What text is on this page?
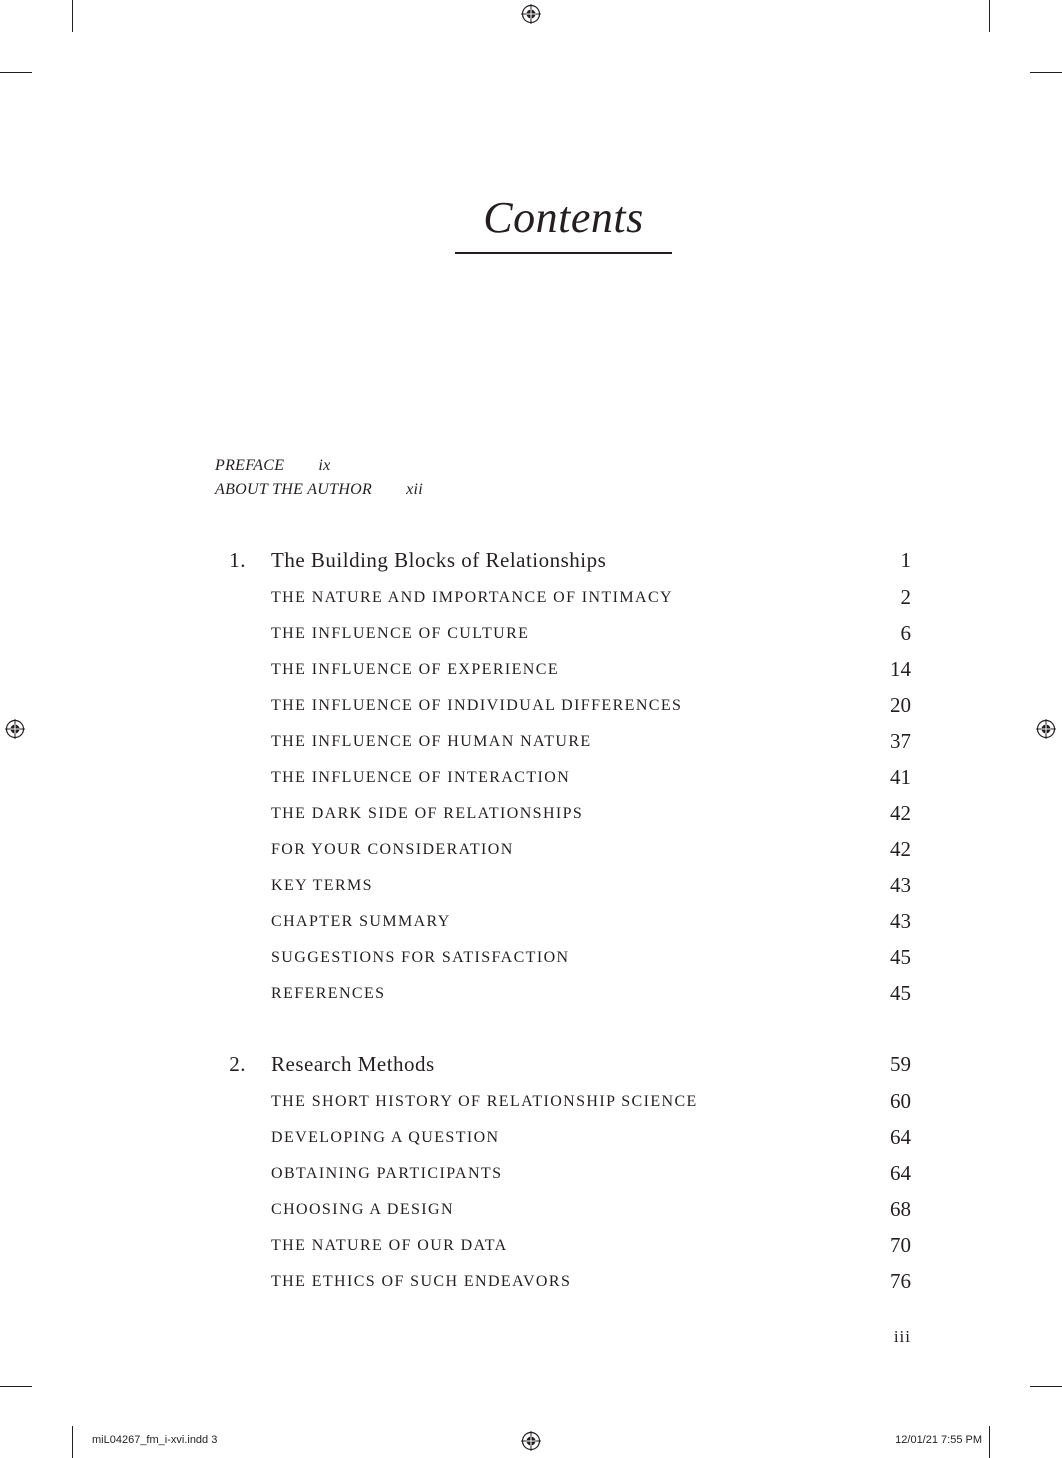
Contents
PREFACE ix
ABOUT THE AUTHOR xii
1. The Building Blocks of Relationships	1
THE NATURE AND IMPORTANCE OF INTIMACY	2
THE INFLUENCE OF CULTURE	6
THE INFLUENCE OF EXPERIENCE	14
THE INFLUENCE OF INDIVIDUAL DIFFERENCES	20
THE INFLUENCE OF HUMAN NATURE	37
THE INFLUENCE OF INTERACTION	41
THE DARK SIDE OF RELATIONSHIPS	42
FOR YOUR CONSIDERATION	42
KEY TERMS	43
CHAPTER SUMMARY	43
SUGGESTIONS FOR SATISFACTION	45
REFERENCES	45
2. Research Methods	59
THE SHORT HISTORY OF RELATIONSHIP SCIENCE	60
DEVELOPING A QUESTION	64
OBTAINING PARTICIPANTS	64
CHOOSING A DESIGN	68
THE NATURE OF OUR DATA	70
THE ETHICS OF SUCH ENDEAVORS	76
iii
miL04267_fm_i-xvi.indd 3	12/01/21 7:55 PM
